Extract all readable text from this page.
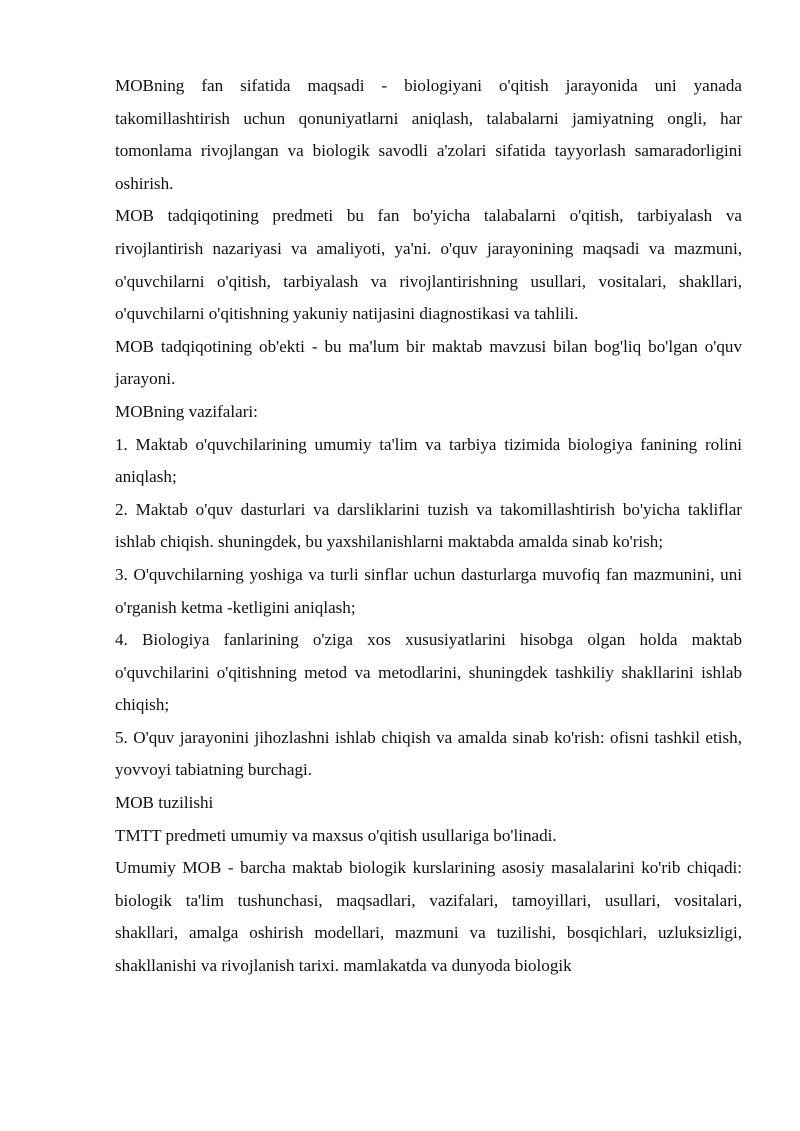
MOBning fan sifatida maqsadi - biologiyani o'qitish jarayonida uni yanada takomillashtirish uchun qonuniyatlarni aniqlash, talabalarni jamiyatning ongli, har tomonlama rivojlangan va biologik savodli a'zolari sifatida tayyorlash samaradorligini oshirish.

MOB tadqiqotining predmeti bu fan bo'yicha talabalarni o'qitish, tarbiyalash va rivojlantirish nazariyasi va amaliyoti, ya'ni. o'quv jarayonining maqsadi va mazmuni, o'quvchilarni o'qitish, tarbiyalash va rivojlantirishning usullari, vositalari, shakllari, o'quvchilarni o'qitishning yakuniy natijasini diagnostikasi va tahlili.

MOB tadqiqotining ob'ekti - bu ma'lum bir maktab mavzusi bilan bog'liq bo'lgan o'quv jarayoni.

MOBning vazifalari:

1. Maktab o'quvchilarining umumiy ta'lim va tarbiya tizimida biologiya fanining rolini aniqlash;

2. Maktab o'quv dasturlari va darsliklarini tuzish va takomillashtirish bo'yicha takliflar ishlab chiqish. shuningdek, bu yaxshilanishlarni maktabda amalda sinab ko'rish;

3. O'quvchilarning yoshiga va turli sinflar uchun dasturlarga muvofiq fan mazmunini, uni o'rganish ketma -ketligini aniqlash;

4. Biologiya fanlarining o'ziga xos xususiyatlarini hisobga olgan holda maktab o'quvchilarini o'qitishning metod va metodlarini, shuningdek tashkiliy shakllarini ishlab chiqish;

5. O'quv jarayonini jihozlashni ishlab chiqish va amalda sinab ko'rish: ofisni tashkil etish, yovvoyi tabiatning burchagi.

MOB tuzilishi

TMTT predmeti umumiy va maxsus o'qitish usullariga bo'linadi.

Umumiy MOB - barcha maktab biologik kurslarining asosiy masalalarini ko'rib chiqadi: biologik ta'lim tushunchasi, maqsadlari, vazifalari, tamoyillari, usullari, vositalari, shakllari, amalga oshirish modellari, mazmuni va tuzilishi, bosqichlari, uzluksizligi, shakllanishi va rivojlanish tarixi. mamlakatda va dunyoda biologik
